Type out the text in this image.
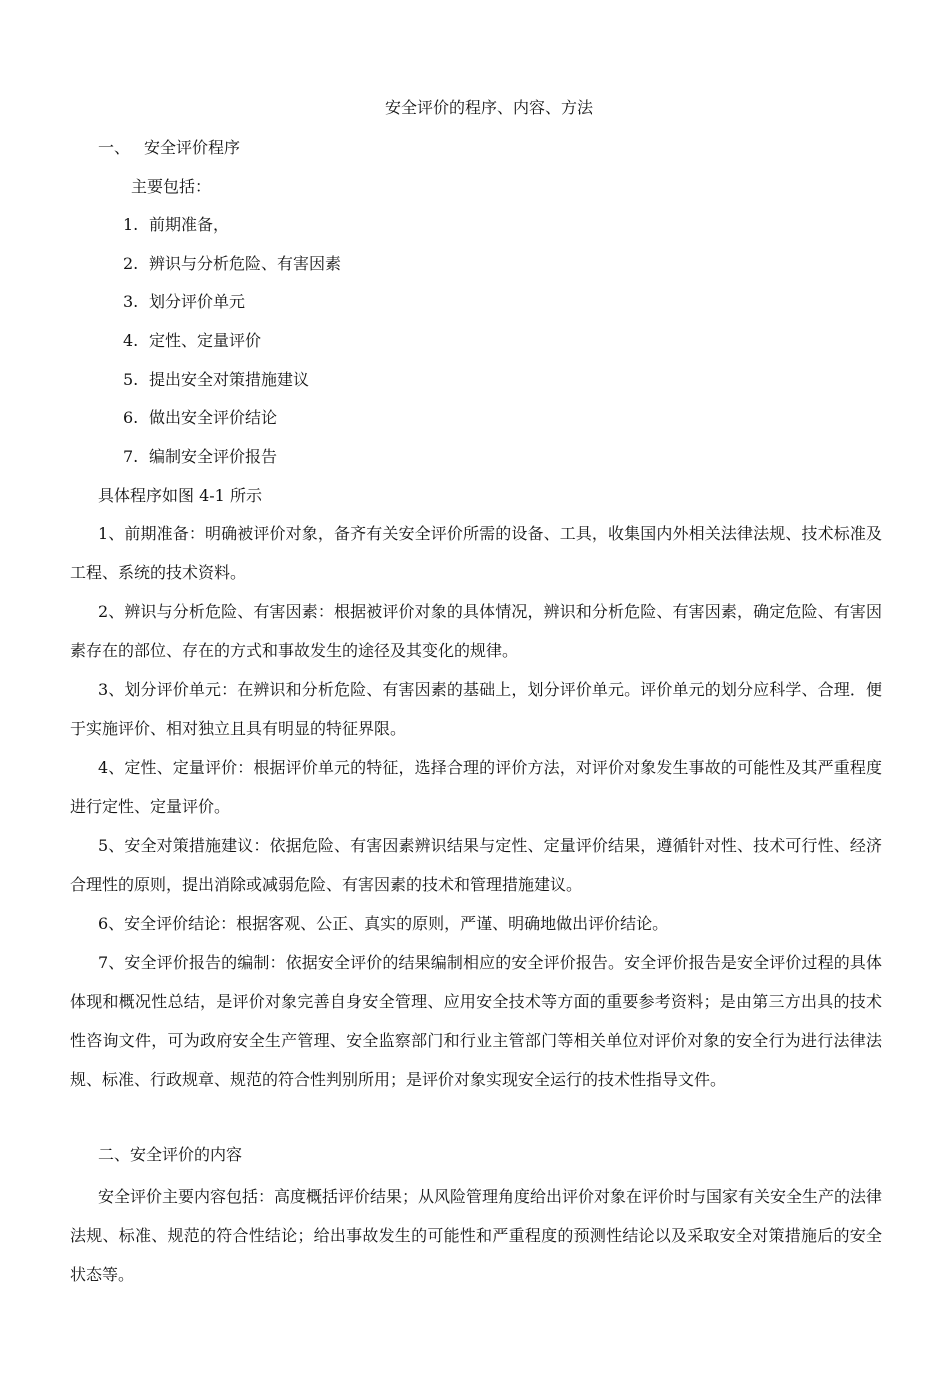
安全评价的程序、内容、方法
一、 安全评价程序
主要包括：
1. 前期准备，
2. 辨识与分析危险、有害因素
3. 划分评价单元
4. 定性、定量评价
5. 提出安全对策措施建议
6. 做出安全评价结论
7. 编制安全评价报告
具体程序如图 4-1 所示
1、前期准备：明确被评价对象，备齐有关安全评价所需的设备、工具，收集国内外相关法律法规、技术标准及工程、系统的技术资料。
2、辨识与分析危险、有害因素：根据被评价对象的具体情况，辨识和分析危险、有害因素，确定危险、有害因素存在的部位、存在的方式和事故发生的途径及其变化的规律。
3、划分评价单元：在辨识和分析危险、有害因素的基础上，划分评价单元。评价单元的划分应科学、合理．便于实施评价、相对独立且具有明显的特征界限。
4、定性、定量评价：根据评价单元的特征，选择合理的评价方法，对评价对象发生事故的可能性及其严重程度进行定性、定量评价。
5、安全对策措施建议：依据危险、有害因素辨识结果与定性、定量评价结果，遵循针对性、技术可行性、经济合理性的原则，提出消除或减弱危险、有害因素的技术和管理措施建议。
6、安全评价结论：根据客观、公正、真实的原则，严谨、明确地做出评价结论。
7、安全评价报告的编制：依据安全评价的结果编制相应的安全评价报告。安全评价报告是安全评价过程的具体体现和概况性总结，是评价对象完善自身安全管理、应用安全技术等方面的重要参考资料；是由第三方出具的技术性咨询文件，可为政府安全生产管理、安全监察部门和行业主管部门等相关单位对评价对象的安全行为进行法律法规、标准、行政规章、规范的符合性判别所用；是评价对象实现安全运行的技术性指导文件。
二、安全评价的内容
安全评价主要内容包括：高度概括评价结果；从风险管理角度给出评价对象在评价时与国家有关安全生产的法律法规、标准、规范的符合性结论；给出事故发生的可能性和严重程度的预测性结论以及采取安全对策措施后的安全状态等。
